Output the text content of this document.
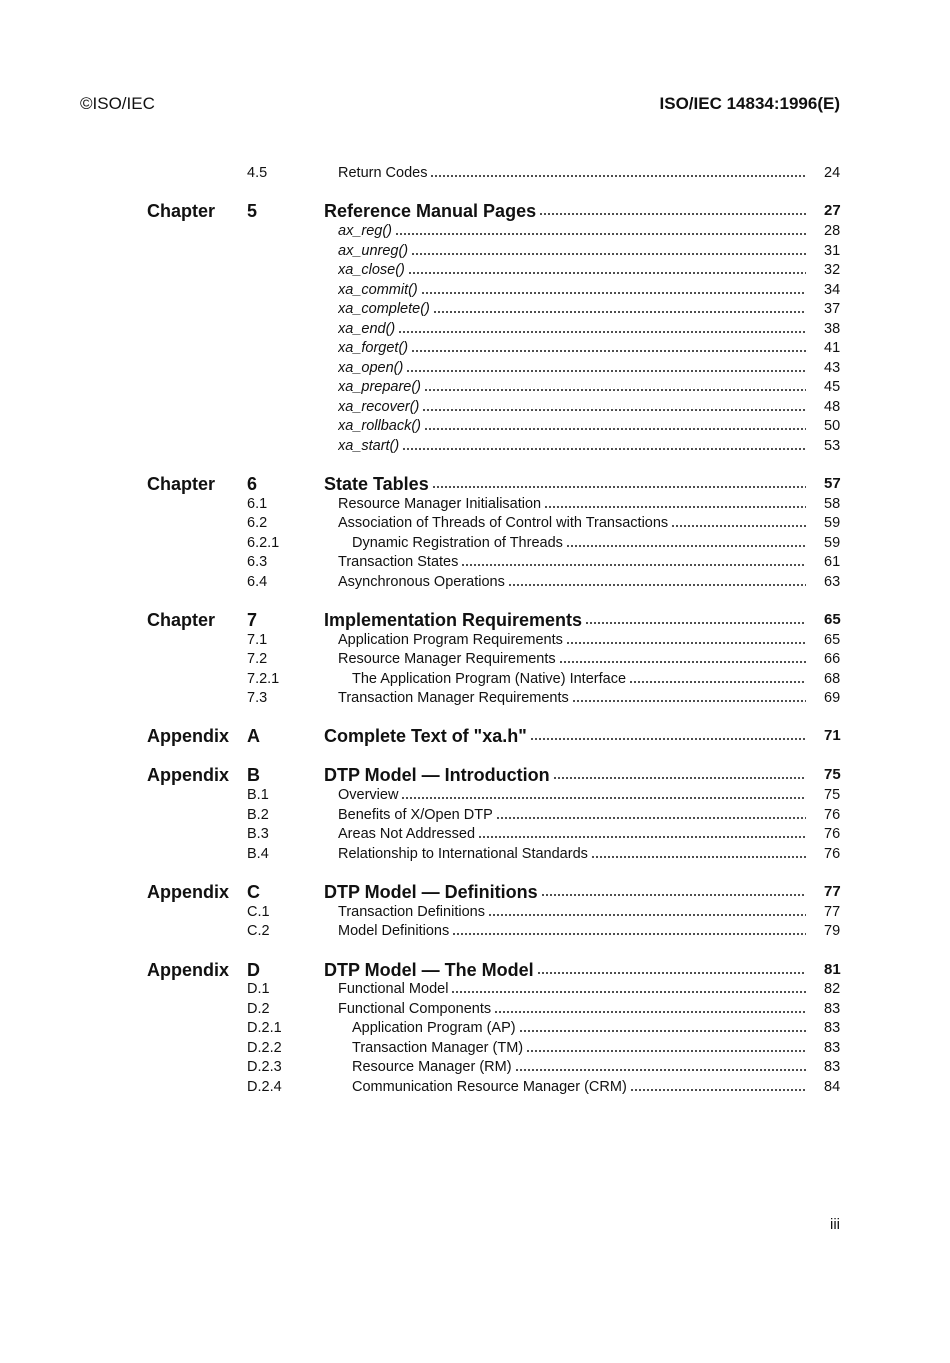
©ISO/IEC	ISO/IEC 14834:1996(E)
4.5	Return Codes	24
Chapter 5	Reference Manual Pages	27
ax_reg()	28
ax_unreg()	31
xa_close()	32
xa_commit()	34
xa_complete()	37
xa_end()	38
xa_forget()	41
xa_open()	43
xa_prepare()	45
xa_recover()	48
xa_rollback()	50
xa_start()	53
Chapter 6	State Tables	57
6.1	Resource Manager Initialisation	58
6.2	Association of Threads of Control with Transactions	59
6.2.1	Dynamic Registration of Threads	59
6.3	Transaction States	61
6.4	Asynchronous Operations	63
Chapter 7	Implementation Requirements	65
7.1	Application Program Requirements	65
7.2	Resource Manager Requirements	66
7.2.1	The Application Program (Native) Interface	68
7.3	Transaction Manager Requirements	69
Appendix A	Complete Text of "xa.h"	71
Appendix B	DTP Model — Introduction	75
B.1	Overview	75
B.2	Benefits of X/Open DTP	76
B.3	Areas Not Addressed	76
B.4	Relationship to International Standards	76
Appendix C	DTP Model — Definitions	77
C.1	Transaction Definitions	77
C.2	Model Definitions	79
Appendix D	DTP Model — The Model	81
D.1	Functional Model	82
D.2	Functional Components	83
D.2.1	Application Program (AP)	83
D.2.2	Transaction Manager (TM)	83
D.2.3	Resource Manager (RM)	83
D.2.4	Communication Resource Manager (CRM)	84
iii
